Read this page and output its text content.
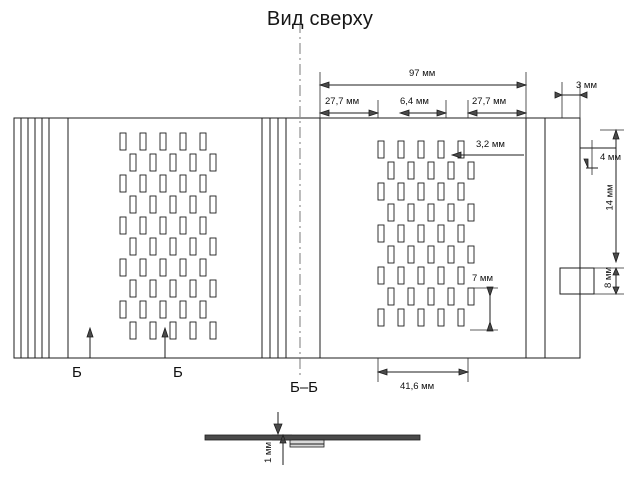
Вид сверху
97 мм
27,7 мм	6,4 мм	27,7 мм
3 мм
4 мм
14 мм
8 мм
3,2 мм
7 мм
41,6 мм
Б	Б
Б–Б
1 мм
